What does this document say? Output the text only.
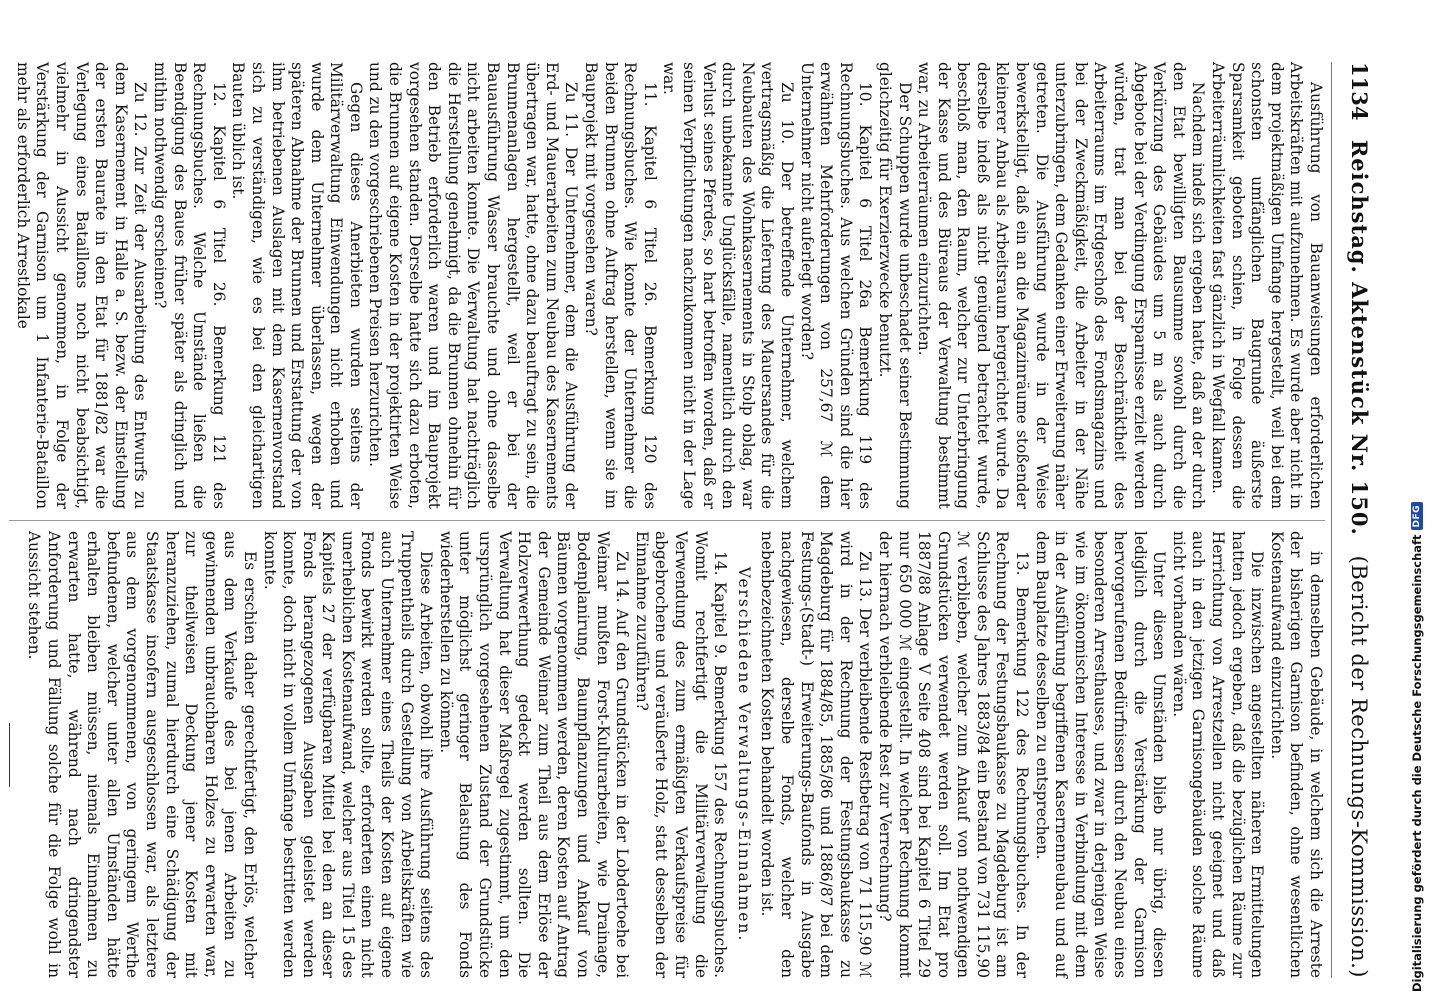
1134
Reichstag. Aktenstück Nr. 150.
(Bericht der Rechnungs-Kommission.)

Ausführung von Bauanweisungen erforderlichen Arbeitskräften mit aufzunehmen. Es wurde aber nicht in dem projektmäßigen Umfange hergestellt, weil bei dem schonsten umfänglichen Baugrunde äußerste Sparsamkeit geboten schien, in Folge dessen die Arbeiterräumlichkeiten fast gänzlich in Wegfall kamen.

Nachdem indeß sich ergeben hatte, daß an der durch den Etat bewilligten Bausumme sowohl durch die Verkürzung des Gebäudes um 5 m als auch durch Abgebote bei der Verdingung Ersparnisse erzielt werden würden, trat man bei der Beschränktheit des Arbeiterraums im Erdgeschoß des Fondsmagazins und bei der Zweckmäßigkeit, die Arbeiter in der Nähe unterzubringen, dem Gedanken einer Erweiterung näher getreten. Die Ausführung wurde in der Weise bewerkstelligt, daß ein an die Magazinräume stoßender kleinerer Anbau als Arbeitsraum hergerichtet wurde. Da derselbe indeß als nicht genügend betrachtet wurde, beschloß man, den Raum, welcher zur Unterbringung der Kasse und des Büreaus der Verwaltung bestimmt war, zu Arbeiterräumen einzurichten.

Der Schuppen wurde unbeschadet seiner Bestimmung gleichzeitig für Exerzierzwecke benutzt.

10. Kapitel 6 Titel 26a Bemerkung 119 des Rechnungsbuches. Aus welchen Gründen sind die hier erwähnten Mehrforderungen von 257,67 ℳ dem Unternehmer nicht auferlegt worden?

Zu 10. Der betreffende Unternehmer, welchem vertragsmäßig die Lieferung des Mauersandes für die Neubauten des Wohnkasernements in Stolp oblag, war durch unbekannte Unglücksfälle, namentlich durch den Verlust seines Pferdes, so hart betroffen worden, daß er seinen Verpflichtungen nachzukommen nicht in der Lage war.

11. Kapitel 6 Titel 26. Bemerkung 120 des Rechnungsbuches. Wie konnte der Unternehmer die beiden Brunnen ohne Auftrag herstellen, wenn sie im Bauprojekt mit vorgesehen waren?

Zu 11. Der Unternehmer, dem die Ausführung der Erd- und Mauerarbeiten zum Neubau des Kasernements übertragen war, hatte, ohne dazu beauftragt zu sein, die Brunnenanlagen hergestellt, weil er bei der Bauausführung Wasser brauchte und ohne dasselbe nicht arbeiten konnte. Die Verwaltung hat nachträglich die Herstellung genehmigt, da die Brunnen ohnehin für den Betrieb erforderlich waren und im Bauprojekt vorgesehen standen. Derselbe hatte sich dazu erboten, die Brunnen auf eigene Kosten in der projektirten Weise und zu den vorgeschriebenen Preisen herzurichten.

Gegen dieses Anerbieten wurden seitens der Militärverwaltung Einwendungen nicht erhoben und wurde dem Unternehmer überlassen, wegen der späteren Abnahme der Brunnen und Erstattung der von ihm betriebenen Auslagen mit dem Kasernenvorstand sich zu verständigen, wie es bei den gleichartigen Bauten üblich ist.

12. Kapitel 6 Titel 26. Bemerkung 121 des Rechnungsbuches. Welche Umstände ließen die Beendigung des Baues früher später als dringlich und mithin nothwendig erscheinen?

Zu 12. Zur Zeit der Ausarbeitung des Entwurfs zu dem Kasernement in Halle a. S. bezw. der Einstellung der ersten Baurate in den Etat für 1881/82 war die Verlegung eines Bataillons noch nicht beabsichtigt, vielmehr in Aussicht genommen, in Folge der Verstärkung der Garnison um 1 Infanterie-Bataillon mehr als erforderlich Arrestlokale

in demselben Gebäude, in welchem sich die Arreste der bisherigen Garnison befinden, ohne wesentlichen Kostenaufwand einzurichten.

Die inzwischen angestellten näheren Ermittelungen hatten jedoch ergeben, daß die bezüglichen Räume zur Herrichtung von Arrestzellen nicht geeignet und daß auch in den jetzigen Garnisongebäuden solche Räume nicht vorhanden wären.

Unter diesen Umständen blieb nur übrig, diesen lediglich durch die Verstärkung der Garnison hervorgerufenen Bedürfnissen durch den Neubau eines besonderen Arresthauses, und zwar in derjenigen Weise wie im ökonomischen Interesse in Verbindung mit dem in der Ausführung begriffenen Kasernenneubau und auf dem Bauplatze desselben zu entsprechen.

13. Bemerkung 122 des Rechnungsbuches. In der Rechnung der Festungsbaukasse zu Magdeburg ist am Schlusse des Jahres 1883/84 ein Bestand von 731 115,90 ℳ verblieben, welcher zum Ankauf von nothwendigen Grundstücken verwendet werden soll. Im Etat pro 1887/88 Anlage V Seite 408 sind bei Kapitel 6 Titel 29 nur 650 000 ℳ eingestellt. In welcher Rechnung kommt der hiernach verbleibende Rest zur Verrechnung?

Zu 13. Der verbleibende Restbetrag von 71 115,90 ℳ wird in der Rechnung der Festungsbaukasse zu Magdeburg für 1884/85, 1885/86 und 1886/87 bei dem Festungs-(Stadt-) Erweiterungs-Baufonds in Ausgabe nachgewiesen, derselbe Fonds, welcher den nebenbezeichneten Kosten behandelt worden ist.

Verschiedene Verwaltungs-Einnahmen.

14. Kapitel 9. Bemerkung 157 des Rechnungsbuches. Womit rechtfertigt die Militärverwaltung die Verwendung des zum ermäßigten Verkaufspreise für abgebrochene und veräußerte Holz, statt desselben der Einnahme zuzuführen?

Zu 14. Auf den Grundstücken in der Lobdertoehe bei Weimar mußten Forst-Kulturarbeiten, wie Drainage, Bodenplanirung, Baumpflanzungen und Ankauf von Bäumen vorgenommen werden, deren Kosten auf Antrag der Gemeinde Weimar zum Theil aus dem Erlöse der Holzverwerthung gedeckt werden sollten. Die Verwaltung hat dieser Maßregel zugestimmt, um den ursprünglich vorgesehenen Zustand der Grundstücke unter möglichst geringer Belastung des Fonds wiederherstellen zu können.

Diese Arbeiten, obwohl ihre Ausführung seitens des Truppentheils durch Gestellung von Arbeitskräften wie auch Unternehmer eines Theils der Kosten auf eigene Fonds bewirkt werden sollte, erforderten einen nicht unerheblichen Kostenaufwand, welcher aus Titel 15 des Kapitels 27 der verfügbaren Mittel bei den an dieser Fonds herangezogenen Ausgaben geleistet werden konnte, doch nicht in vollem Umfange bestritten werden konnte.

Es erschien daher gerechtfertigt, den Erlös, welcher aus dem Verkaufe des bei jenen Arbeiten zu gewinnenden unbrauchbaren Holzes zu erwarten war, zur theilweisen Deckung jener Kosten mit heranzuziehen, zumal hierdurch eine Schädigung der Staatskasse insofern ausgeschlossen war, als letztere aus dem vorgenommenen, von geringem Werthe befundenen, welcher unter allen Umständen hätte erhalten bleiben müssen, niemals Einnahmen zu erwarten hatte, während nach dringendster Anforderung und Fällung solche für die Folge wohl in Aussicht stehen.	Digitalisierung gefördert durch die Deutsche Forschungsgemeinschaft
DFG
